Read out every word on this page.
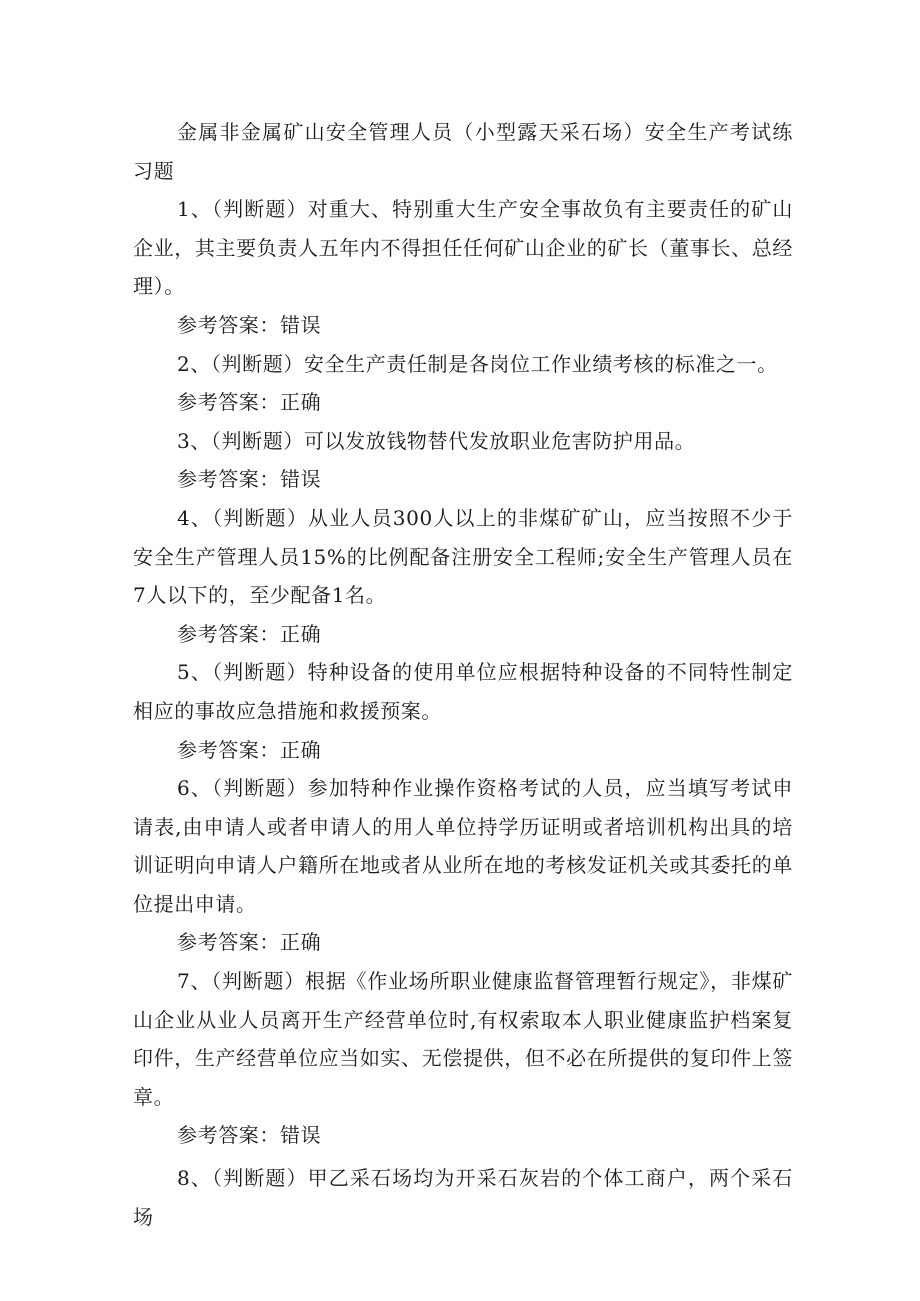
金属非金属矿山安全管理人员（小型露天采石场）安全生产考试练习题

1、（判断题）对重大、特别重大生产安全事故负有主要责任的矿山企业，其主要负责人五年内不得担任任何矿山企业的矿长（董事长、总经理）。

参考答案：错误

2、（判断题）安全生产责任制是各岗位工作业绩考核的标准之一。

参考答案：正确

3、（判断题）可以发放钱物替代发放职业危害防护用品。

参考答案：错误

4、（判断题）从业人员300人以上的非煤矿矿山，应当按照不少于安全生产管理人员15%的比例配备注册安全工程师;安全生产管理人员在7人以下的，至少配备1名。

参考答案：正确

5、（判断题）特种设备的使用单位应根据特种设备的不同特性制定相应的事故应急措施和救援预案。

参考答案：正确

6、（判断题）参加特种作业操作资格考试的人员，应当填写考试申请表,由申请人或者申请人的用人单位持学历证明或者培训机构出具的培训证明向申请人户籍所在地或者从业所在地的考核发证机关或其委托的单位提出申请。

参考答案：正确

7、（判断题）根据《作业场所职业健康监督管理暂行规定》，非煤矿山企业从业人员离开生产经营单位时,有权索取本人职业健康监护档案复印件，生产经营单位应当如实、无偿提供，但不必在所提供的复印件上签章。

参考答案：错误

8、（判断题）甲乙采石场均为开采石灰岩的个体工商户，两个采石场
